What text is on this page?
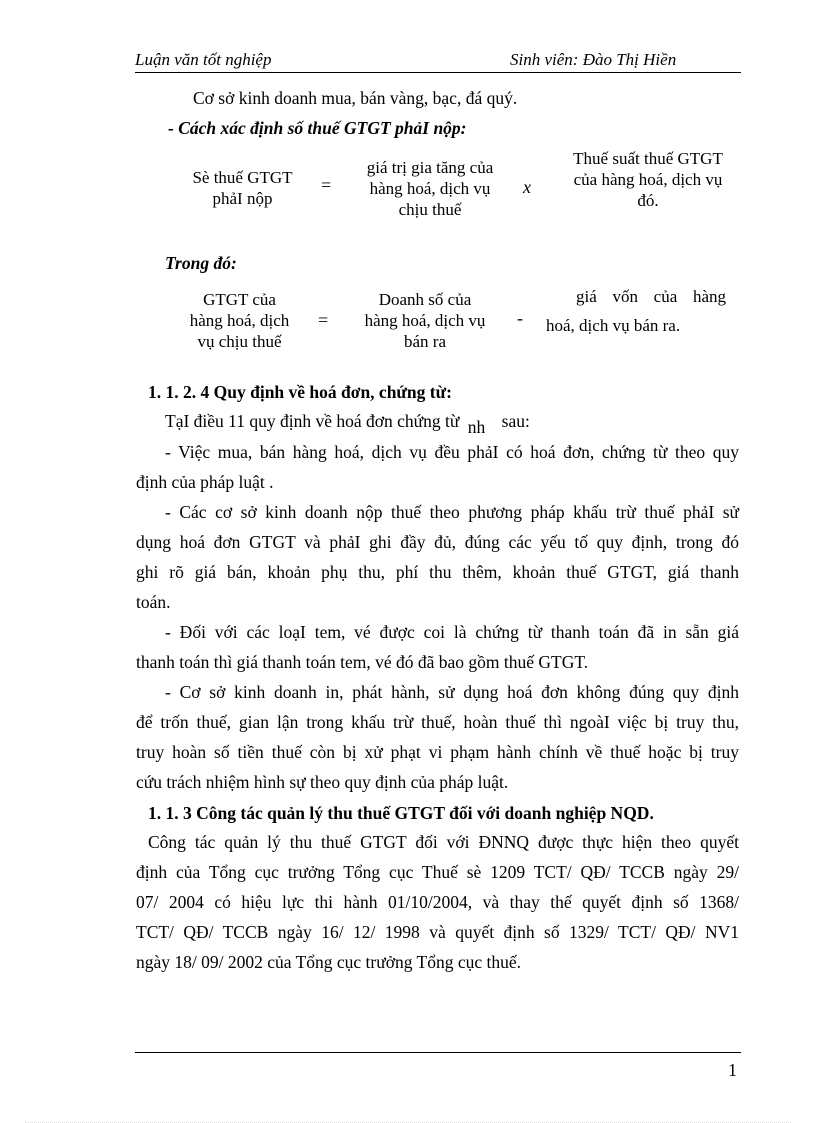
Luận văn tốt nghiệp	Sinh viên: Đào Thị Hiền
Cơ sở kinh doanh mua, bán vàng, bạc, đá quý.
- Cách xác định số thuế GTGT phảI nộp:
Sè thuế GTGT
phảI nộp
=
giá trị gia tăng của
hàng hoá, dịch vụ
chịu thuế
x
Thuế suất thuế GTGT
của hàng hoá, dịch vụ
đó.
Trong đó:
GTGT của
hàng hoá, dịch
vụ chịu thuế
=
Doanh số của
hàng hoá, dịch vụ
bán ra
-
giá vốn của hàng
hoá, dịch vụ bán ra.
1. 1. 2. 4 Quy định về hoá đơn, chứng từ:
TạI điều 11 quy định về hoá đơn chứng từ nh sau:
- Việc mua, bán hàng hoá, dịch vụ đều phảI có hoá đơn, chứng từ theo quy
định của pháp luật .
- Các cơ sở kinh doanh nộp thuế theo phương pháp khấu trừ thuế phảI sử
dụng hoá đơn GTGT và phảI ghi đầy đủ, đúng các yếu tố quy định, trong đó
ghi rõ giá bán, khoản phụ thu, phí thu thêm, khoản thuế GTGT, giá thanh
toán.
- Đối với các loạI tem, vé được coi là chứng từ thanh toán đã in sẵn giá
thanh toán thì giá thanh toán tem, vé đó đã bao gồm thuế GTGT.
- Cơ sở kinh doanh in, phát hành, sử dụng hoá đơn không đúng quy định
để trốn thuế, gian lận trong khấu trừ thuế, hoàn thuế thì ngoàI việc bị truy thu,
truy hoàn số tiền thuế còn bị xử phạt vi phạm hành chính về thuế hoặc bị truy
cứu trách nhiệm hình sự theo quy định của pháp luật.
1. 1. 3 Công tác quản lý thu thuế GTGT đối với doanh nghiệp NQD.
Công tác quản lý thu thuế GTGT đối với ĐNNQ được thực hiện theo quyết
định của Tổng cục trưởng Tổng cục Thuế sè 1209 TCT/ QĐ/ TCCB ngày 29/
07/ 2004 có hiệu lực thi hành 01/10/2004, và thay thế quyết định số 1368/
TCT/ QĐ/ TCCB ngày 16/ 12/ 1998 và quyết định số 1329/ TCT/ QĐ/ NV1
ngày 18/ 09/ 2002 của Tổng cục trưởng Tổng cục thuế.
1
